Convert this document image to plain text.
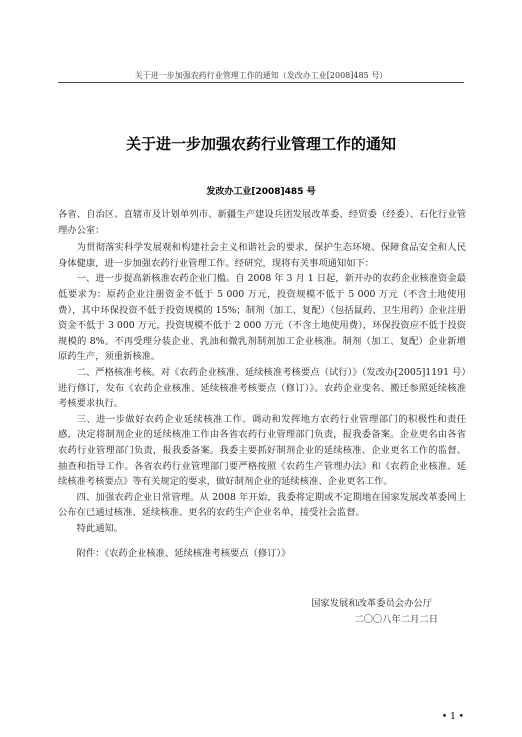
关于进一步加强农药行业管理工作的通知（发改办工业[2008]485 号）
关于进一步加强农药行业管理工作的通知
发改办工业[2008]485 号

各省、自治区、直辖市及计划单列市、新疆生产建设兵团发展改革委、经贸委（经委）、石化行业管理办公室：

为贯彻落实科学发展观和构建社会主义和谐社会的要求，保护生态环境、保障食品安全和人民身体健康，进一步加强农药行业管理工作。经研究，现将有关事项通知如下：

一、进一步提高新核准农药企业门槛。自 2008 年 3 月 1 日起，新开办的农药企业核准资金最低要求为：原药企业注册资金不低于 5 000 万元，投资规模不低于 5 000 万元（不含土地使用费），其中环保投资不低于投资规模的 15%；制剂（加工、复配）（包括鼠药、卫生用药）企业注册资金不低于 3 000 万元，投资规模不低于 2 000 万元（不含土地使用费），环保投资应不低于投资规模的 8%。不再受理分装企业、乳油和微乳剂制剂加工企业核准。制剂（加工、复配）企业新增原药生产，须重新核准。

二、严格核准考核。对《农药企业核准、延续核准考核要点（试行）》（发改办[2005]1191 号）进行修订，发布《农药企业核准、延续核准考核要点（修订）》。农药企业变名、搬迁参照延续核准考核要求执行。

三、进一步做好农药企业延续核准工作。调动和发挥地方农药行业管理部门的积极性和责任感，决定将制剂企业的延续核准工作由各省农药行业管理部门负责，报我委备案。企业更名由各省农药行业管理部门负责，报我委备案。我委主要抓好制剂企业的延续核准、企业更名工作的监督、抽查和指导工作。各省农药行业管理部门要严格按照《农药生产管理办法》和《农药企业核准、延续核准考核要点》等有关规定的要求，做好制剂企业的延续核准、企业更名工作。

四、加强农药企业日常管理。从 2008 年开始，我委将定期或不定期地在国家发展改革委网上公布在已通过核准、延续核准、更名的农药生产企业名单，接受社会监督。

特此通知。

附件：《农药企业核准、延续核准考核要点（修订）》

国家发展和改革委员会办公厅
二〇〇八年二月二日
• 1 •
